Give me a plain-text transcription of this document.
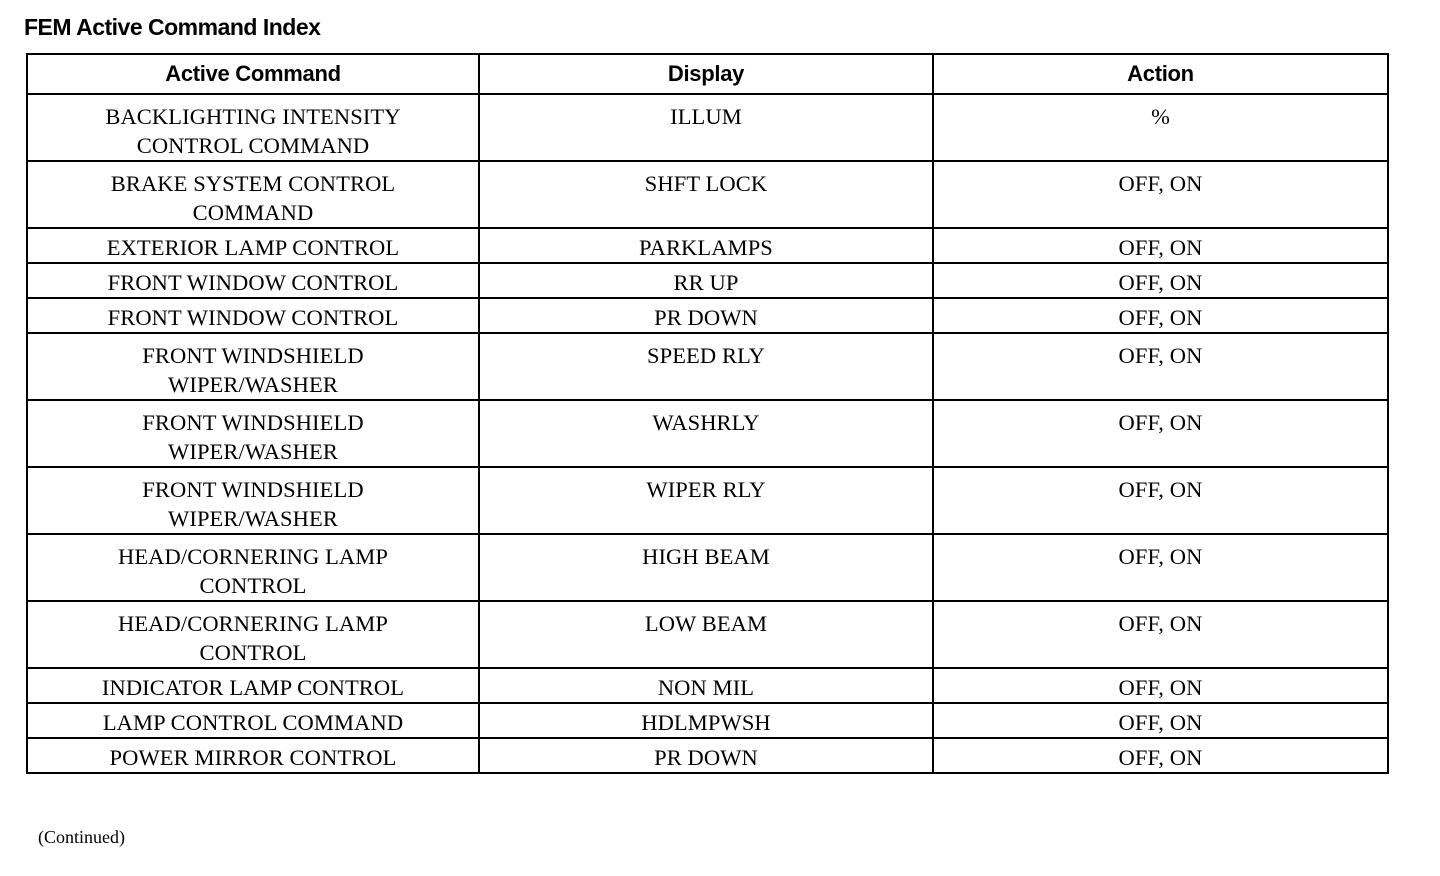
FEM Active Command Index
Active Command	Display	Action
BACKLIGHTING INTENSITY
CONTROL COMMAND	ILLUM	%
BRAKE SYSTEM CONTROL
COMMAND	SHFT LOCK	OFF, ON
EXTERIOR LAMP CONTROL	PARKLAMPS	OFF, ON
FRONT WINDOW CONTROL	RR UP	OFF, ON
FRONT WINDOW CONTROL	PR DOWN	OFF, ON
FRONT WINDSHIELD
WIPER/WASHER	SPEED RLY	OFF, ON
FRONT WINDSHIELD
WIPER/WASHER	WASHRLY	OFF, ON
FRONT WINDSHIELD
WIPER/WASHER	WIPER RLY	OFF, ON
HEAD/CORNERING LAMP
CONTROL	HIGH BEAM	OFF, ON
HEAD/CORNERING LAMP
CONTROL	LOW BEAM	OFF, ON
INDICATOR LAMP CONTROL	NON MIL	OFF, ON
LAMP CONTROL COMMAND	HDLMPWSH	OFF, ON
POWER MIRROR CONTROL	PR DOWN	OFF, ON
(Continued)
